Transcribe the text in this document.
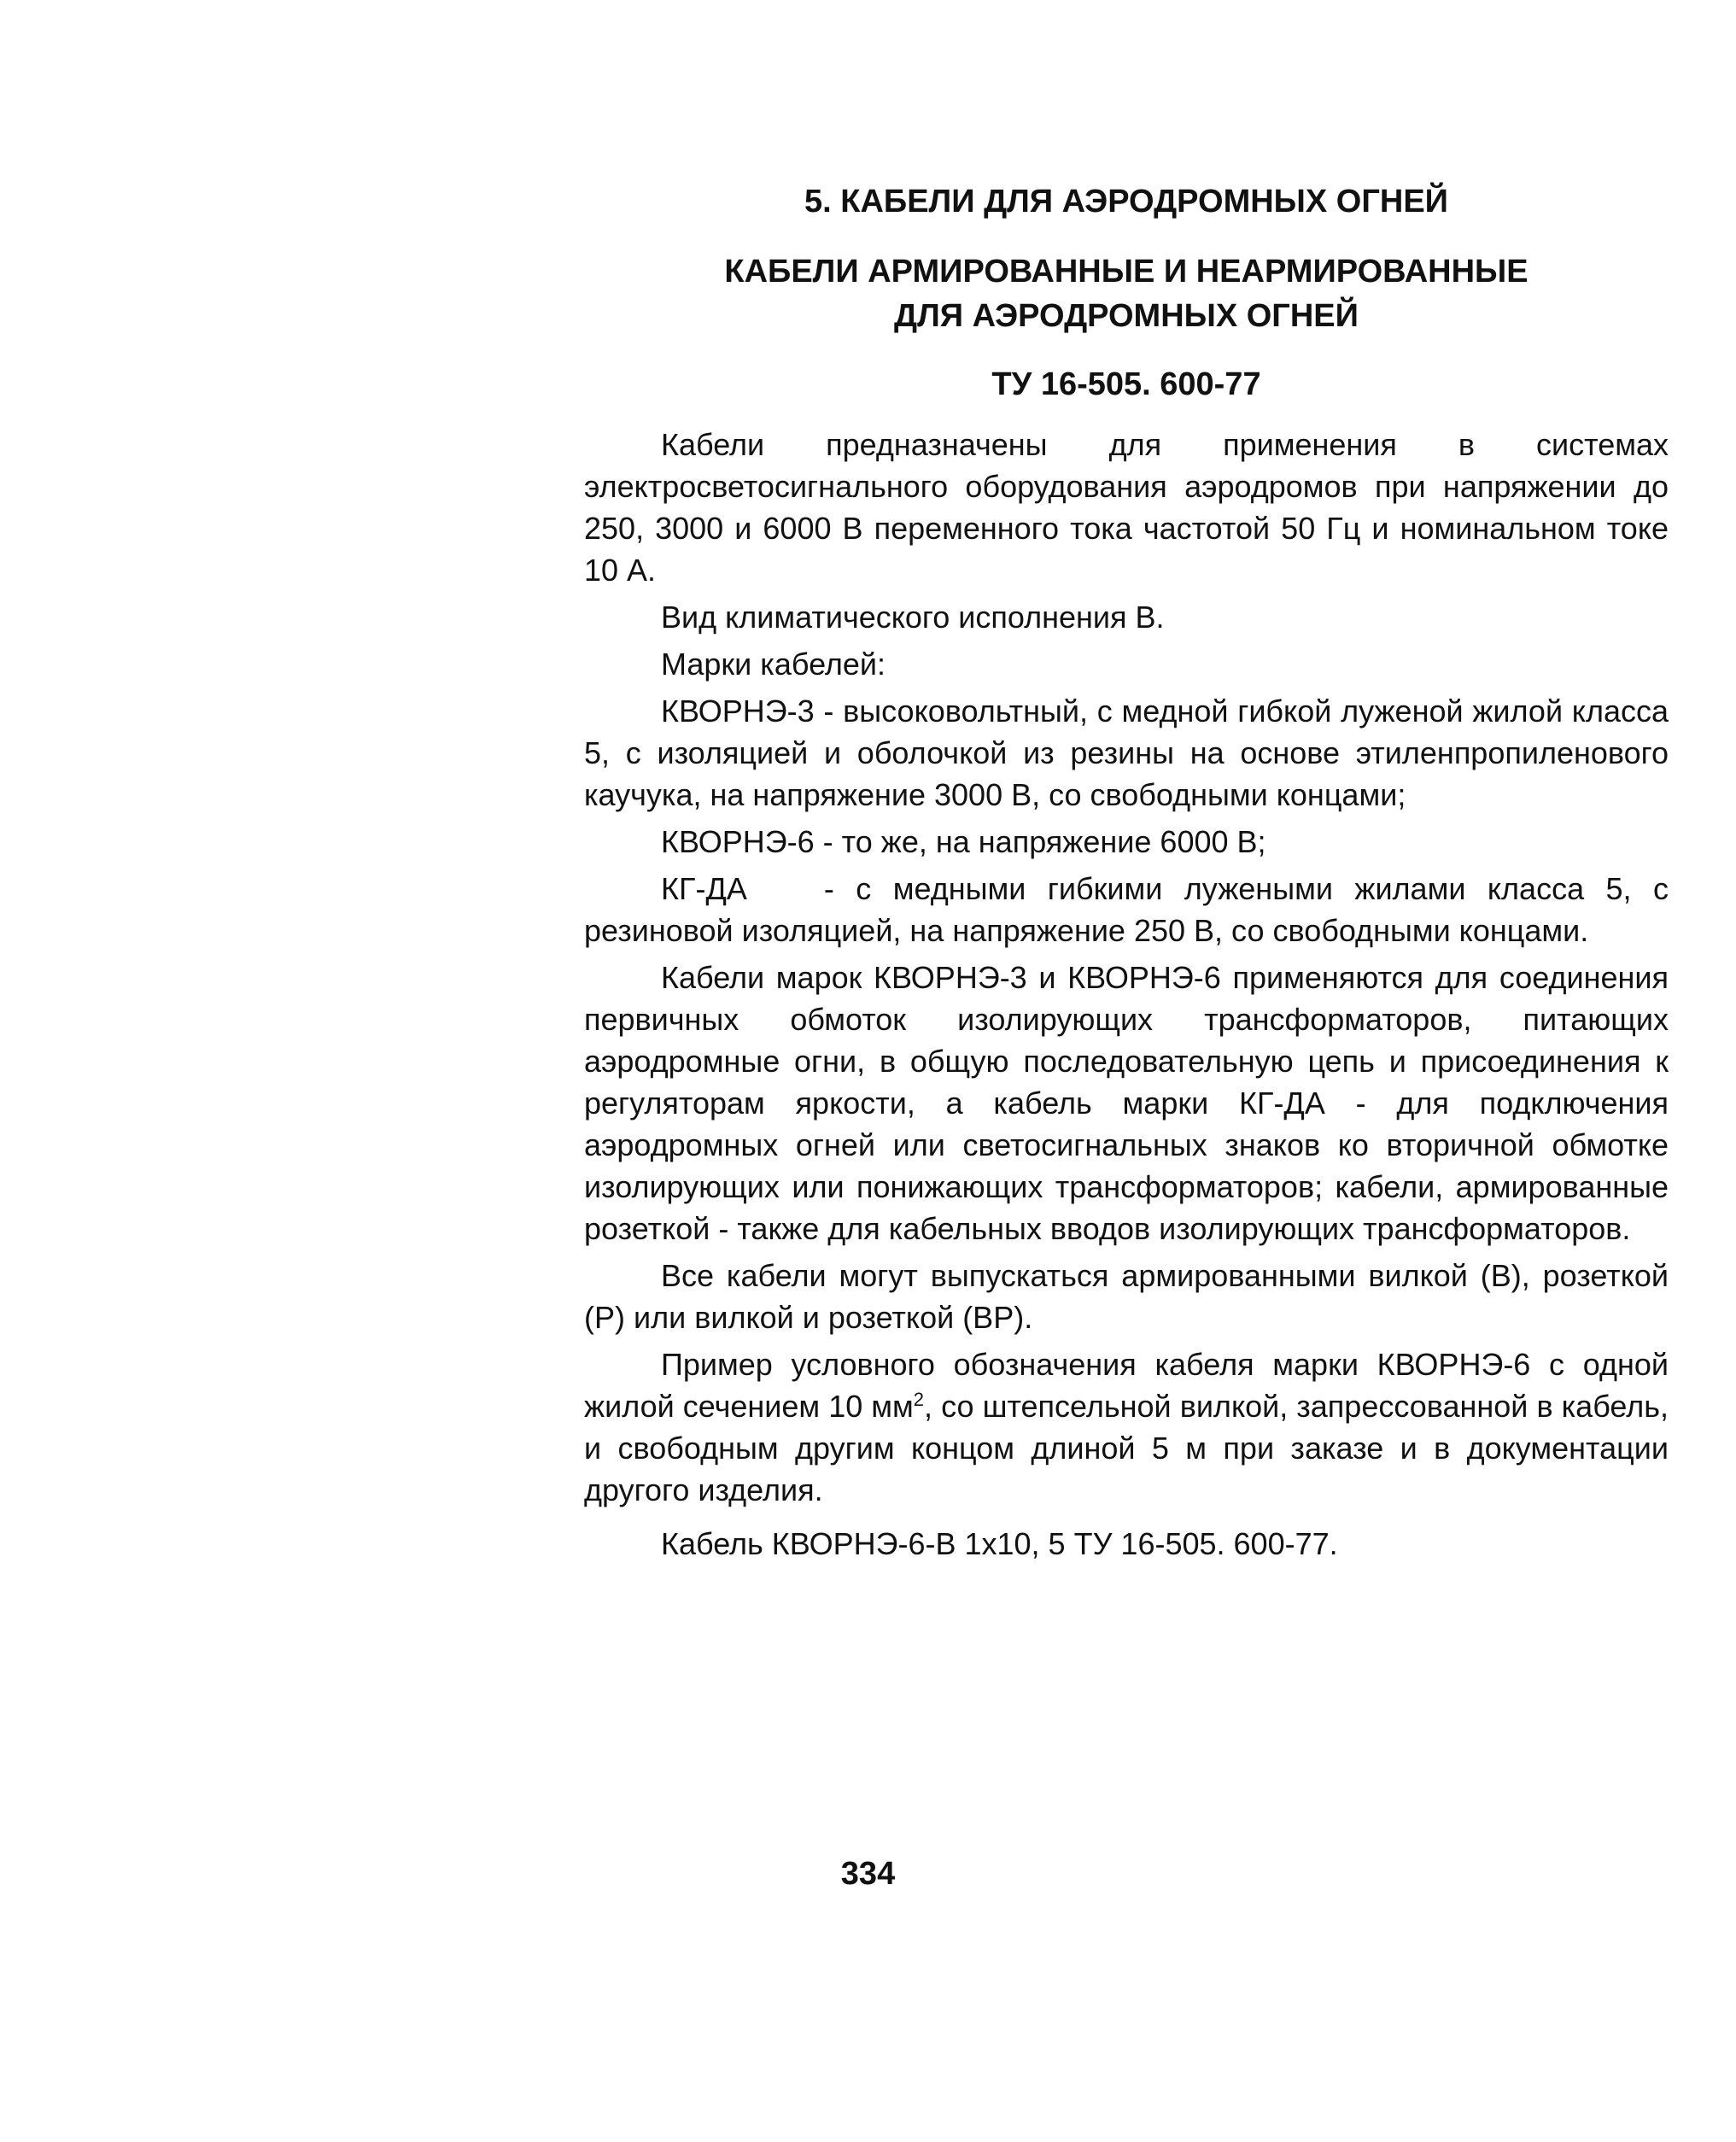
5. КАБЕЛИ ДЛЯ АЭРОДРОМНЫХ ОГНЕЙ

КАБЕЛИ АРМИРОВАННЫЕ И НЕАРМИРОВАННЫЕ

ДЛЯ АЭРОДРОМНЫХ ОГНЕЙ

ТУ 16-505. 600-77

Кабели предназначены для применения в системах электросветосигнального оборудования аэродромов при напряжении до 250, 3000 и 6000 В переменного тока частотой 50 Гц и номинальном токе 10 А.

Вид климатического исполнения В.

Марки кабелей:

КВОРНЭ-3 - высоковольтный, с медной гибкой луженой жилой класса 5, с изоляцией и оболочкой из резины на основе этиленпропиленового каучука, на напряжение 3000 В, со свободными концами;

КВОРНЭ-6 - то же, на напряжение 6000 В;

КГ-ДА	- с медными гибкими лужеными жилами класса 5, с резиновой изоляцией, на напряжение 250 В, со свободными концами.

Кабели марок КВОРНЭ-3 и КВОРНЭ-6 применяются для соединения первичных обмоток изолирующих трансформаторов, питающих аэродромные огни, в общую последовательную цепь и присоединения к регуляторам яркости, а кабель марки КГ-ДА - для подключения аэродромных огней или светосигнальных знаков ко вторичной обмотке изолирующих или понижающих трансформаторов; кабели, армированные розеткой - также для кабельных вводов изолирующих трансформаторов.

Все кабели могут выпускаться армированными вилкой (В), розеткой (Р) или вилкой и розеткой (ВР).

Пример условного обозначения кабеля марки КВОРНЭ-6 с одной жилой сечением 10 $мм^2$, со штепсельной вилкой, запрессованной в кабель, и свободным другим концом длиной 5 м при заказе и в документации другого изделия.

Кабель КВОРНЭ-6-В 1х10, 5 ТУ 16-505. 600-77.

334
